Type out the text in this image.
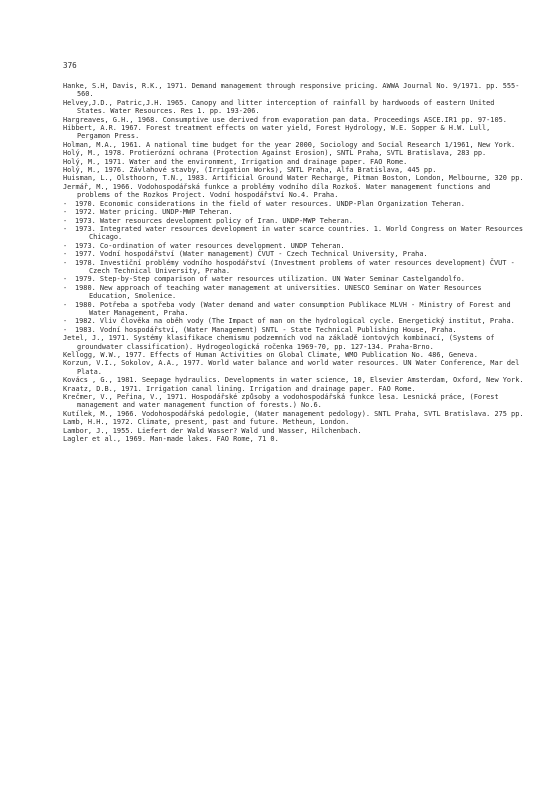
376
Hanke, S.H, Davis, R.K., 1971. Demand management through responsive pricing. AWWA Journal No. 9/1971. pp. 555-560.
Helvey,J.D., Patric,J.H. 1965. Canopy and litter interception of rainfall by hardwoods of eastern United States. Water Resources. Res 1. pp. 193-206.
Hargreaves, G.H., 1968. Consumptive use derived from evaporation pan data. Proceedings ASCE.IR1 pp. 97-105.
Hibbert, A.R. 1967. Forest treatment effects on water yield, Forest Hydrology, W.E. Sopper & H.W. Lull, Pergamon Press.
Holman, M.A., 1961. A national time budget for the year 2000, Sociology and Social Research 1/1961, New York.
Holý, M., 1978. Protierózní ochrana (Protection Against Erosion), SNTL Praha, SVTL Bratislava, 283 pp.
Holý, M., 1971. Water and the environment, Irrigation and drainage paper. FAO Rome.
Holý, M., 1976. Závlahové stavby, (Irrigation Works), SNTL Praha, Alfa Bratislava, 445 pp.
Huisman, L., Olsthoorn, T.N., 1983. Artificial Ground Water Recharge, Pitman Boston, London, Melbourne, 320 pp.
Jermář, M., 1966. Vodohospodářská funkce a problémy vodního díla Rozkoš. Water management functions and problems of the Rozkos Project. Vodní hospodářství No.4. Praha.
- 1970. Economic considerations in the field of water resources. UNDP-Plan Organization Teheran.
- 1972. Water pricing. UNDP-MWP Teheran.
- 1973. Water resources development policy of Iran. UNDP-MWP Teheran.
- 1973. Integrated water resources development in water scarce countries. 1. World Congress on Water Resources Chicago.
- 1973. Co-ordination of water resources development. UNDP Teheran.
- 1977. Vodní hospodářství (Water management) ČVUT - Czech Technical University, Praha.
- 1978. Investiční problémy vodního hospodářství (Investment problems of water resources development) ČVUT - Czech Technical University, Praha.
- 1979. Step-by-Step comparison of water resources utilization. UN Water Seminar Castelgandolfo.
- 1980. New approach of teaching water management at universities. UNESCO Seminar on Water Resources Education, Smolenice.
- 1980. Potřeba a spotřeba vody (Water demand and water consumption Publikace MLVH - Ministry of Forest and Water Management, Praha.
- 1982. Vliv člověka na oběh vody (The Impact of man on the hydrological cycle. Energetický institut, Praha.
- 1983. Vodní hospodářství, (Water Management) SNTL - State Technical Publishing House, Praha.
Jetel, J., 1971. Systémy klasifikace chemismu podzemních vod na základě iontových kombinací, (Systems of groundwater classification). Hydrogeologická ročenka 1969-70, pp. 127-134. Praha-Brno.
Kellogg, W.W., 1977. Effects of Human Activities on Global Climate, WMO Publication No. 486, Geneva.
Korzun, V.I., Sokolov, A.A., 1977. World water balance and world water resources. UN Water Conference, Mar del Plata.
Kovács , G., 1981. Seepage hydraulics. Developments in water science, 10, Elsevier Amsterdam, Oxford, New York.
Kraatz, D.B., 1971. Irrigation canal lining. Irrigation and drainage paper. FAO Rome.
Krečmer, V., Peřina, V., 1971. Hospodářské způsoby a vodohospodářská funkce lesa. Lesnická práce, (Forest management and water management function of forests.) No.6.
Kutílek, M., 1966. Vodohospodářská pedologie, (Water management pedology). SNTL Praha, SVTL Bratislava. 275 pp.
Lamb, H.H., 1972. Climate, present, past and future. Metheun, London.
Lambor, J., 1955. Liefert der Wald Wasser? Wald und Wasser, Hilchenbach.
Lagler et al., 1969. Man-made lakes. FAO Rome, 71 0.
